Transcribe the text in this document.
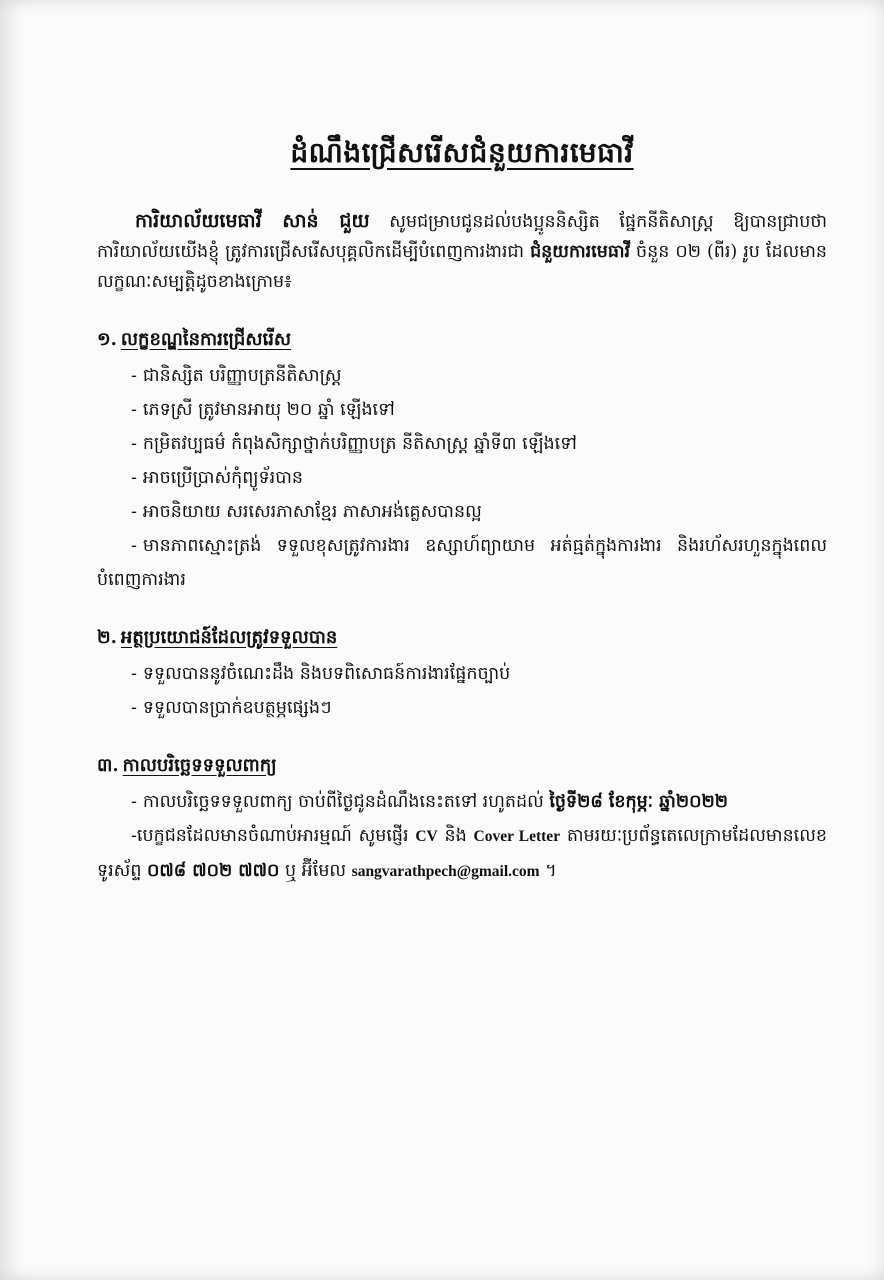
ដំណឹងជ្រើសរើសជំនួយការមេធាវី

ការិយាល័យមេធាវី សាន់ ជួយ សូមជម្រាបជូនដល់បងប្អូននិស្សិត ផ្នែកនីតិសាស្ត្រ ឱ្យបានជ្រាបថា ការិយាល័យយើងខ្ញុំ ត្រូវការជ្រើសរើសបុគ្គលិកដើម្បីបំពេញការងារជា ជំនួយការមេធាវី ចំនួន ០២ (ពីរ) រូប ដែលមានលក្ខណៈសម្បត្តិដូចខាងក្រោម៖

១. លក្ខខណ្ឌនៃការជ្រើសរើស
- ជានិស្សិត បរិញ្ញាបត្រនីតិសាស្ត្រ
- ភេទស្រី ត្រូវមានអាយុ ២០ ឆ្នាំ ឡើងទៅ
- កម្រិតវប្បធម៌ កំពុងសិក្សាថ្នាក់បរិញ្ញាបត្រ នីតិសាស្ត្រ ឆ្នាំទី៣ ឡើងទៅ
- អាចប្រើប្រាស់កុំព្យូទ័របាន
- អាចនិយាយ សរសេរភាសាខ្មែរ ភាសាអង់គ្លេសបានល្អ
- មានភាពស្មោះត្រង់ ទទួលខុសត្រូវការងារ ឧស្សាហ៍ព្យាយាម អត់ធ្មត់ក្នុងការងារ និងរហ័សរហួនក្នុងពេលបំពេញការងារ
២. អត្ថប្រយោជន៍ដែលត្រូវទទួលបាន
- ទទួលបាននូវចំណេះដឹង និងបទពិសោធន៍ការងារផ្នែកច្បាប់
- ទទួលបានប្រាក់ឧបត្ថម្ភផ្សេងៗ
៣. កាលបរិច្ឆេទទទួលពាក្យ
- កាលបរិច្ឆេទទទួលពាក្យ ចាប់ពីថ្ងៃជូនដំណឹងនេះតទៅ រហូតដល់ ថ្ងៃទី២៨ ខែកុម្ភៈ ឆ្នាំ២០២២
-បេក្ខជនដែលមានចំណាប់អារម្មណ៍ សូមផ្ញើរ CV និង Cover Letter តាមរយៈប្រព័ន្ធតេលេក្រាមដែលមានលេខទូរស័ព្ទ ០៧៨ ៧០២ ៧៧០ ឬ អ៊ីមែល sangvarathpech@gmail.com ។
